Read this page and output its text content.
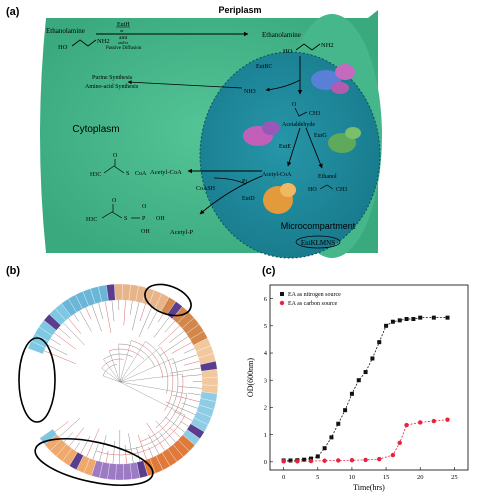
(a)	Periplasm
Microcompartment
EutKLMNS
Cytoplasm
Ethanolamine
HO
NH2
EutH
or
amt
and/or
Passive Diffusion
Ethanolamine
HO
NH2
EutBC
NH3
Purine Synthesis
Amino-acid Synthesis
O
CH3
Acetaldehyde
EutE
EutG
Ethanol
HO	CH3
Acetyl-CoA
Acetyl-CoA
O
H3C	S CoA
Pi
CoASH
EutD
O
H3C	S P
O
OH
OH	Acetyl-P
(b)	(c)
0	5	10	15	20	25
0
1
2
3
4
5
6
Time(hrs)
OD(600nm)
EA as nitrogen source
EA as carbon source
